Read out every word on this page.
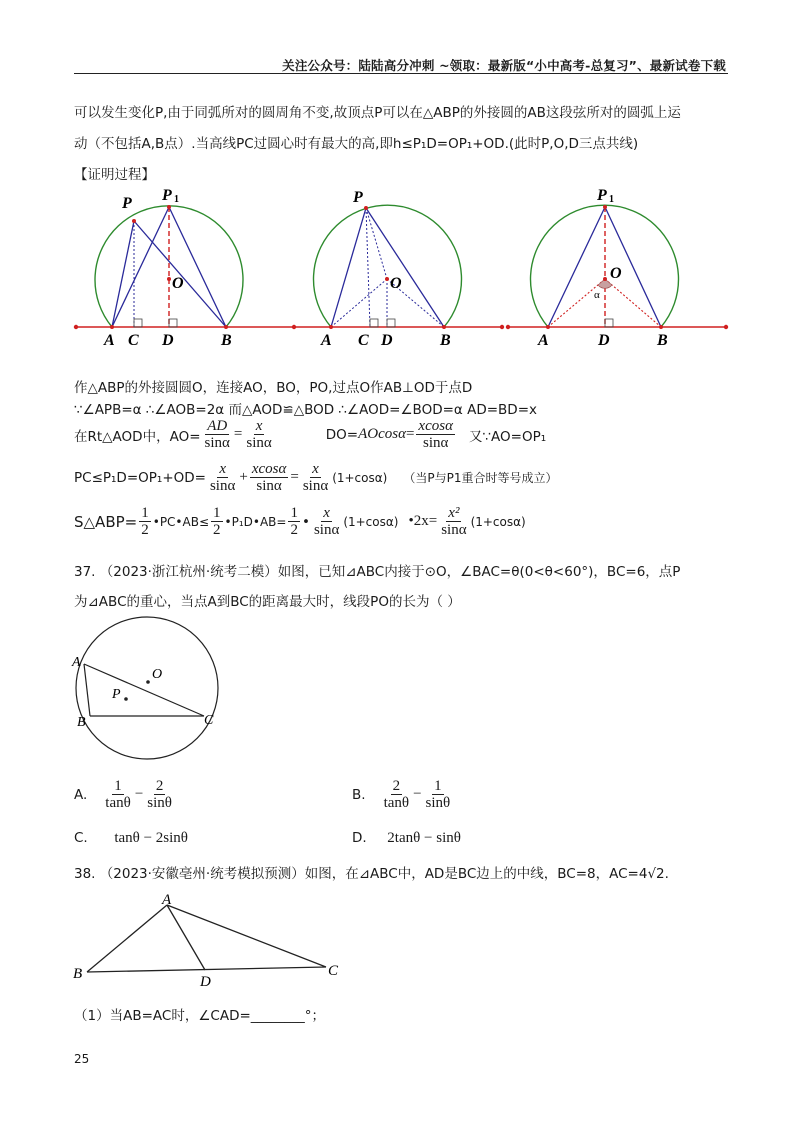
关注公众号：陆陆高分冲刺 ~领取：最新版“小中高考-总复习”、最新试卷下载
可以发生变化P,由于同弧所对的圆周角不变,故顶点P可以在△ABP的外接圆的AB这段弦所对的圆弧上运
动（不包括A,B点）.当高线PC过圆心时有最大的高,即h≤P₁D=OP₁+OD.(此时P,O,D三点共线)
【证明过程】
P P 1
O
A C D	B
P
O
A C D	B
P 1
O
α
A	D	B
作△ABP的外接圆圆O，连接AO，BO，PO,过点O作AB⊥OD于点D
∵∠APB=α ∴∠AOB=2α 而△AOD≌△BOD ∴∠AOD=∠BOD=α AD=BD=x
在Rt△AOD中，$AO= \frac{AD}{\sin\alpha} = \frac{x}{\sin\alpha}$	$DO= AOcos\alpha = \frac{xcos\alpha}{\sin\alpha}$ 又∵AO=OP₁
$PC\le P_1D=OP_1+OD= \frac{x}{\sin\alpha} + \frac{xcos\alpha}{\sin\alpha} = \frac{x}{\sin\alpha} (1+\cos\alpha)$ （当P与P1重合时等号成立）
S△ABP= $\frac{1}{2}$ •PC•AB≤ $\frac{1}{2}$ •P₁D•AB= $\frac{1}{2}$ • $\frac{x}{\sin\alpha} (1+\cos\alpha)$ •2x= $\frac{\text{x²}}{\sin\alpha} (1+\cos\alpha)$
37. （2023·浙江杭州·统考二模）如图，已知⊿ABC内接于⊙O，∠BAC=θ(0<θ<60°)，BC=6，点P
为⊿ABC的重心，当点A到BC的距离最大时，线段PO的长为（ ）
A
B	C
O
P
A. $\frac{1}{\tan\theta} - \frac{2}{\sin\theta}$	B. $\frac{2}{\tan\theta} - \frac{1}{\sin\theta}$
C. tanθ − 2sinθ	D. 2tanθ − sinθ
38. （2023·安徽亳州·统考模拟预测）如图，在⊿ABC中，AD是BC边上的中线，BC=8，AC=4√2.
A
B	D
C
（1）当AB=AC时，∠CAD=________°；
25
